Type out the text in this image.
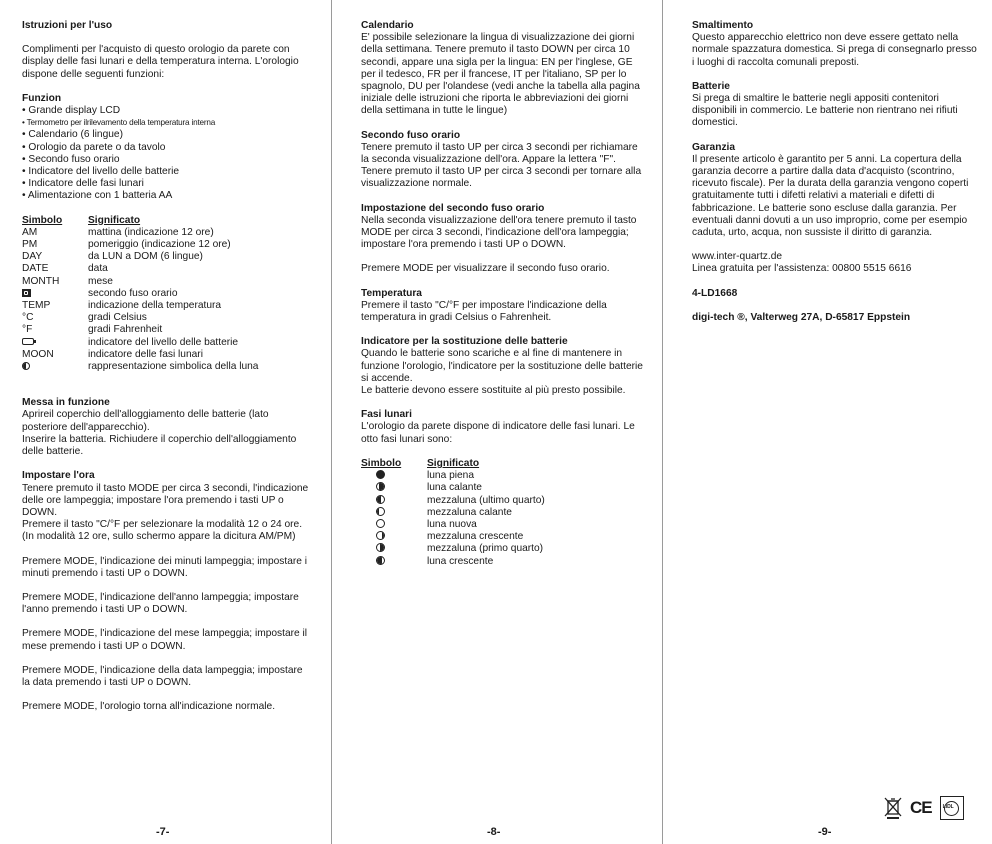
Istruzioni per l'uso

Complimenti per l'acquisto di questo orologio da parete con display delle fasi lunari e della temperatura interna. L'orologio dispone delle seguenti funzioni:

Funzion

• Grande display LCD

• Termometro per ilrilevamento della temperatura interna

• Calendario (6 lingue)

• Orologio da parete o da tavolo

• Secondo fuso orario

• Indicatore del livello delle batterie

• Indicatore delle fasi lunari

• Alimentazione con 1 batteria AA

Simbolo	Significato
AM	mattina (indicazione 12 ore)
PM	pomeriggio (indicazione 12 ore)
DAY	da LUN a DOM (6 lingue)
DATE	data
MONTH	mese
secondo fuso orario
TEMP	indicazione della temperatura
°C	gradi Celsius
°F	gradi Fahrenheit
indicatore del livello delle batterie
MOON	indicatore delle fasi lunari
rappresentazione simbolica della luna

Messa in funzione

Aprireil coperchio dell'alloggiamento delle batterie (lato posteriore dell'apparecchio).

Inserire la batteria. Richiudere il coperchio dell'alloggiamento delle batterie.

Impostare l'ora

Tenere premuto il tasto MODE per circa 3 secondi, l'indicazione delle ore lampeggia; impostare l'ora premendo i tasti UP o DOWN.

Premere il tasto "C/°F per selezionare la modalità 12 o 24 ore.

(In modalità 12 ore, sullo schermo appare la dicitura AM/PM)

Premere MODE, l'indicazione dei minuti lampeggia; impostare i minuti premendo i tasti UP o DOWN.

Premere MODE, l'indicazione dell'anno lampeggia; impostare l'anno premendo i tasti UP o DOWN.

Premere MODE, l'indicazione del mese lampeggia; impostare il mese premendo i tasti UP o DOWN.

Premere MODE, l'indicazione della data lampeggia; impostare la data premendo i tasti UP o DOWN.

Premere MODE, l'orologio torna all'indicazione normale.

Calendario

E' possibile selezionare la lingua di visualizzazione dei giorni della settimana. Tenere premuto il tasto DOWN per circa 10 secondi, appare una sigla per la lingua: EN per l'inglese, GE per il tedesco, FR per il francese, IT per l'italiano, SP per lo spagnolo, DU per l'olandese (vedi anche la tabella alla pagina iniziale delle istruzioni che riporta le abbreviazioni dei giorni della settimana in tutte le lingue)

Secondo fuso orario

Tenere premuto il tasto UP per circa 3 secondi per richiamare la seconda visualizzazione dell'ora. Appare la lettera "F". Tenere premuto il tasto UP per circa 3 secondi per tornare alla visualizzazione normale.

Impostazione del secondo fuso orario

Nella seconda visualizzazione dell'ora tenere premuto il tasto MODE per circa 3 secondi, l'indicazione dell'ora lampeggia; impostare l'ora premendo i tasti UP o DOWN.

Premere MODE per visualizzare il secondo fuso orario.

Temperatura

Premere il tasto "C/°F per impostare l'indicazione della temperatura in gradi Celsius o Fahrenheit.

Indicatore per la sostituzione delle batterie

Quando le batterie sono scariche e al fine di mantenere in funzione l'orologio, l'indicatore per la sostituzione delle batterie si accende.

Le batterie devono essere sostituite al più presto possibile.

Fasi lunari

L'orologio da parete dispone di indicatore delle fasi lunari. Le otto fasi lunari sono:

Simbolo	Significato
luna piena
luna calante
mezzaluna (ultimo quarto)
mezzaluna calante
luna nuova
mezzaluna crescente
mezzaluna (primo quarto)
luna crescente

Smaltimento

Questo apparecchio elettrico non deve essere gettato nella normale spazzatura domestica. Si prega di consegnarlo presso i luoghi di raccolta comunali preposti.

Batterie

Si prega di smaltire le batterie negli appositi contenitori disponibili in commercio. Le batterie non rientrano nei rifiuti domestici.

Garanzia

Il presente articolo è garantito per 5 anni. La copertura della garanzia decorre a partire dalla data d'acquisto (scontrino, ricevuto fiscale). Per la durata della garanzia vengono coperti gratuitamente tutti i difetti relativi a materiali e difetti di fabbricazione. Le batterie sono escluse dalla garanzia. Per eventuali danni dovuti a un uso improprio, come per esempio caduta, urto, acqua, non sussiste il diritto di garanzia.

www.inter-quartz.de

Linea gratuita per l'assistenza: 00800 5515 6616

4-LD1668

digi-tech ®, Valterweg 27A, D-65817 Eppstein

-7-	-8-	-9-
CE LIDL
